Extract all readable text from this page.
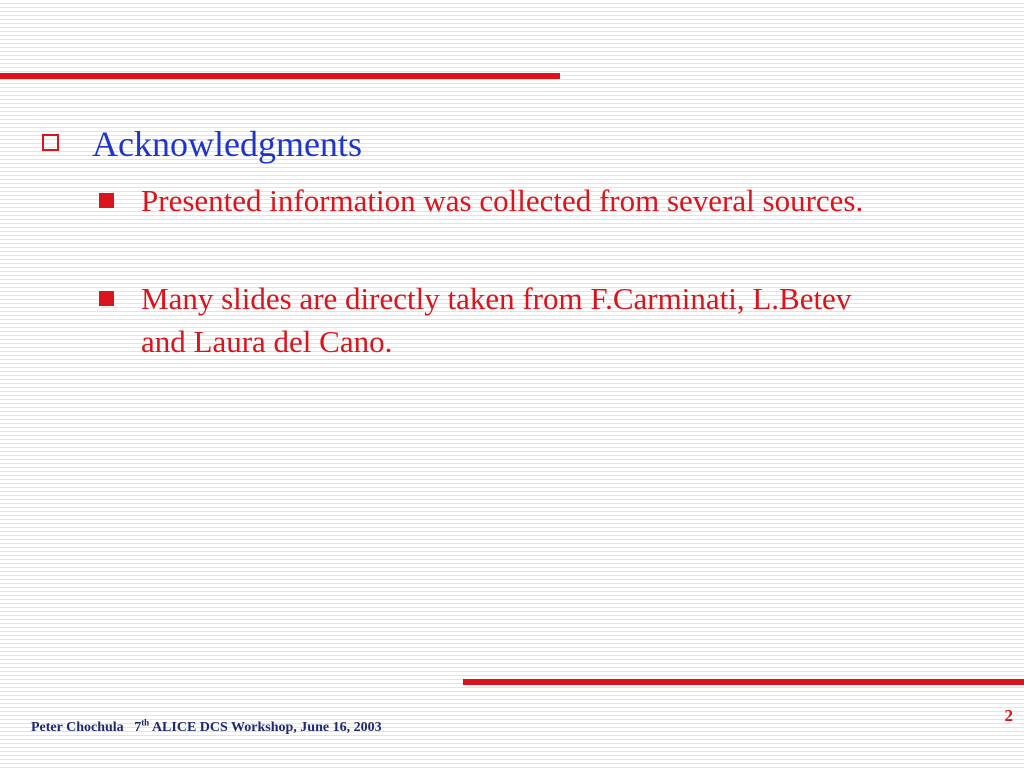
Acknowledgments
Presented information was collected from several sources.
Many slides are directly taken from F.Carminati, L.Betev and Laura del Cano.
Peter Chochula 7th ALICE DCS Workshop, June 16, 2003
2
